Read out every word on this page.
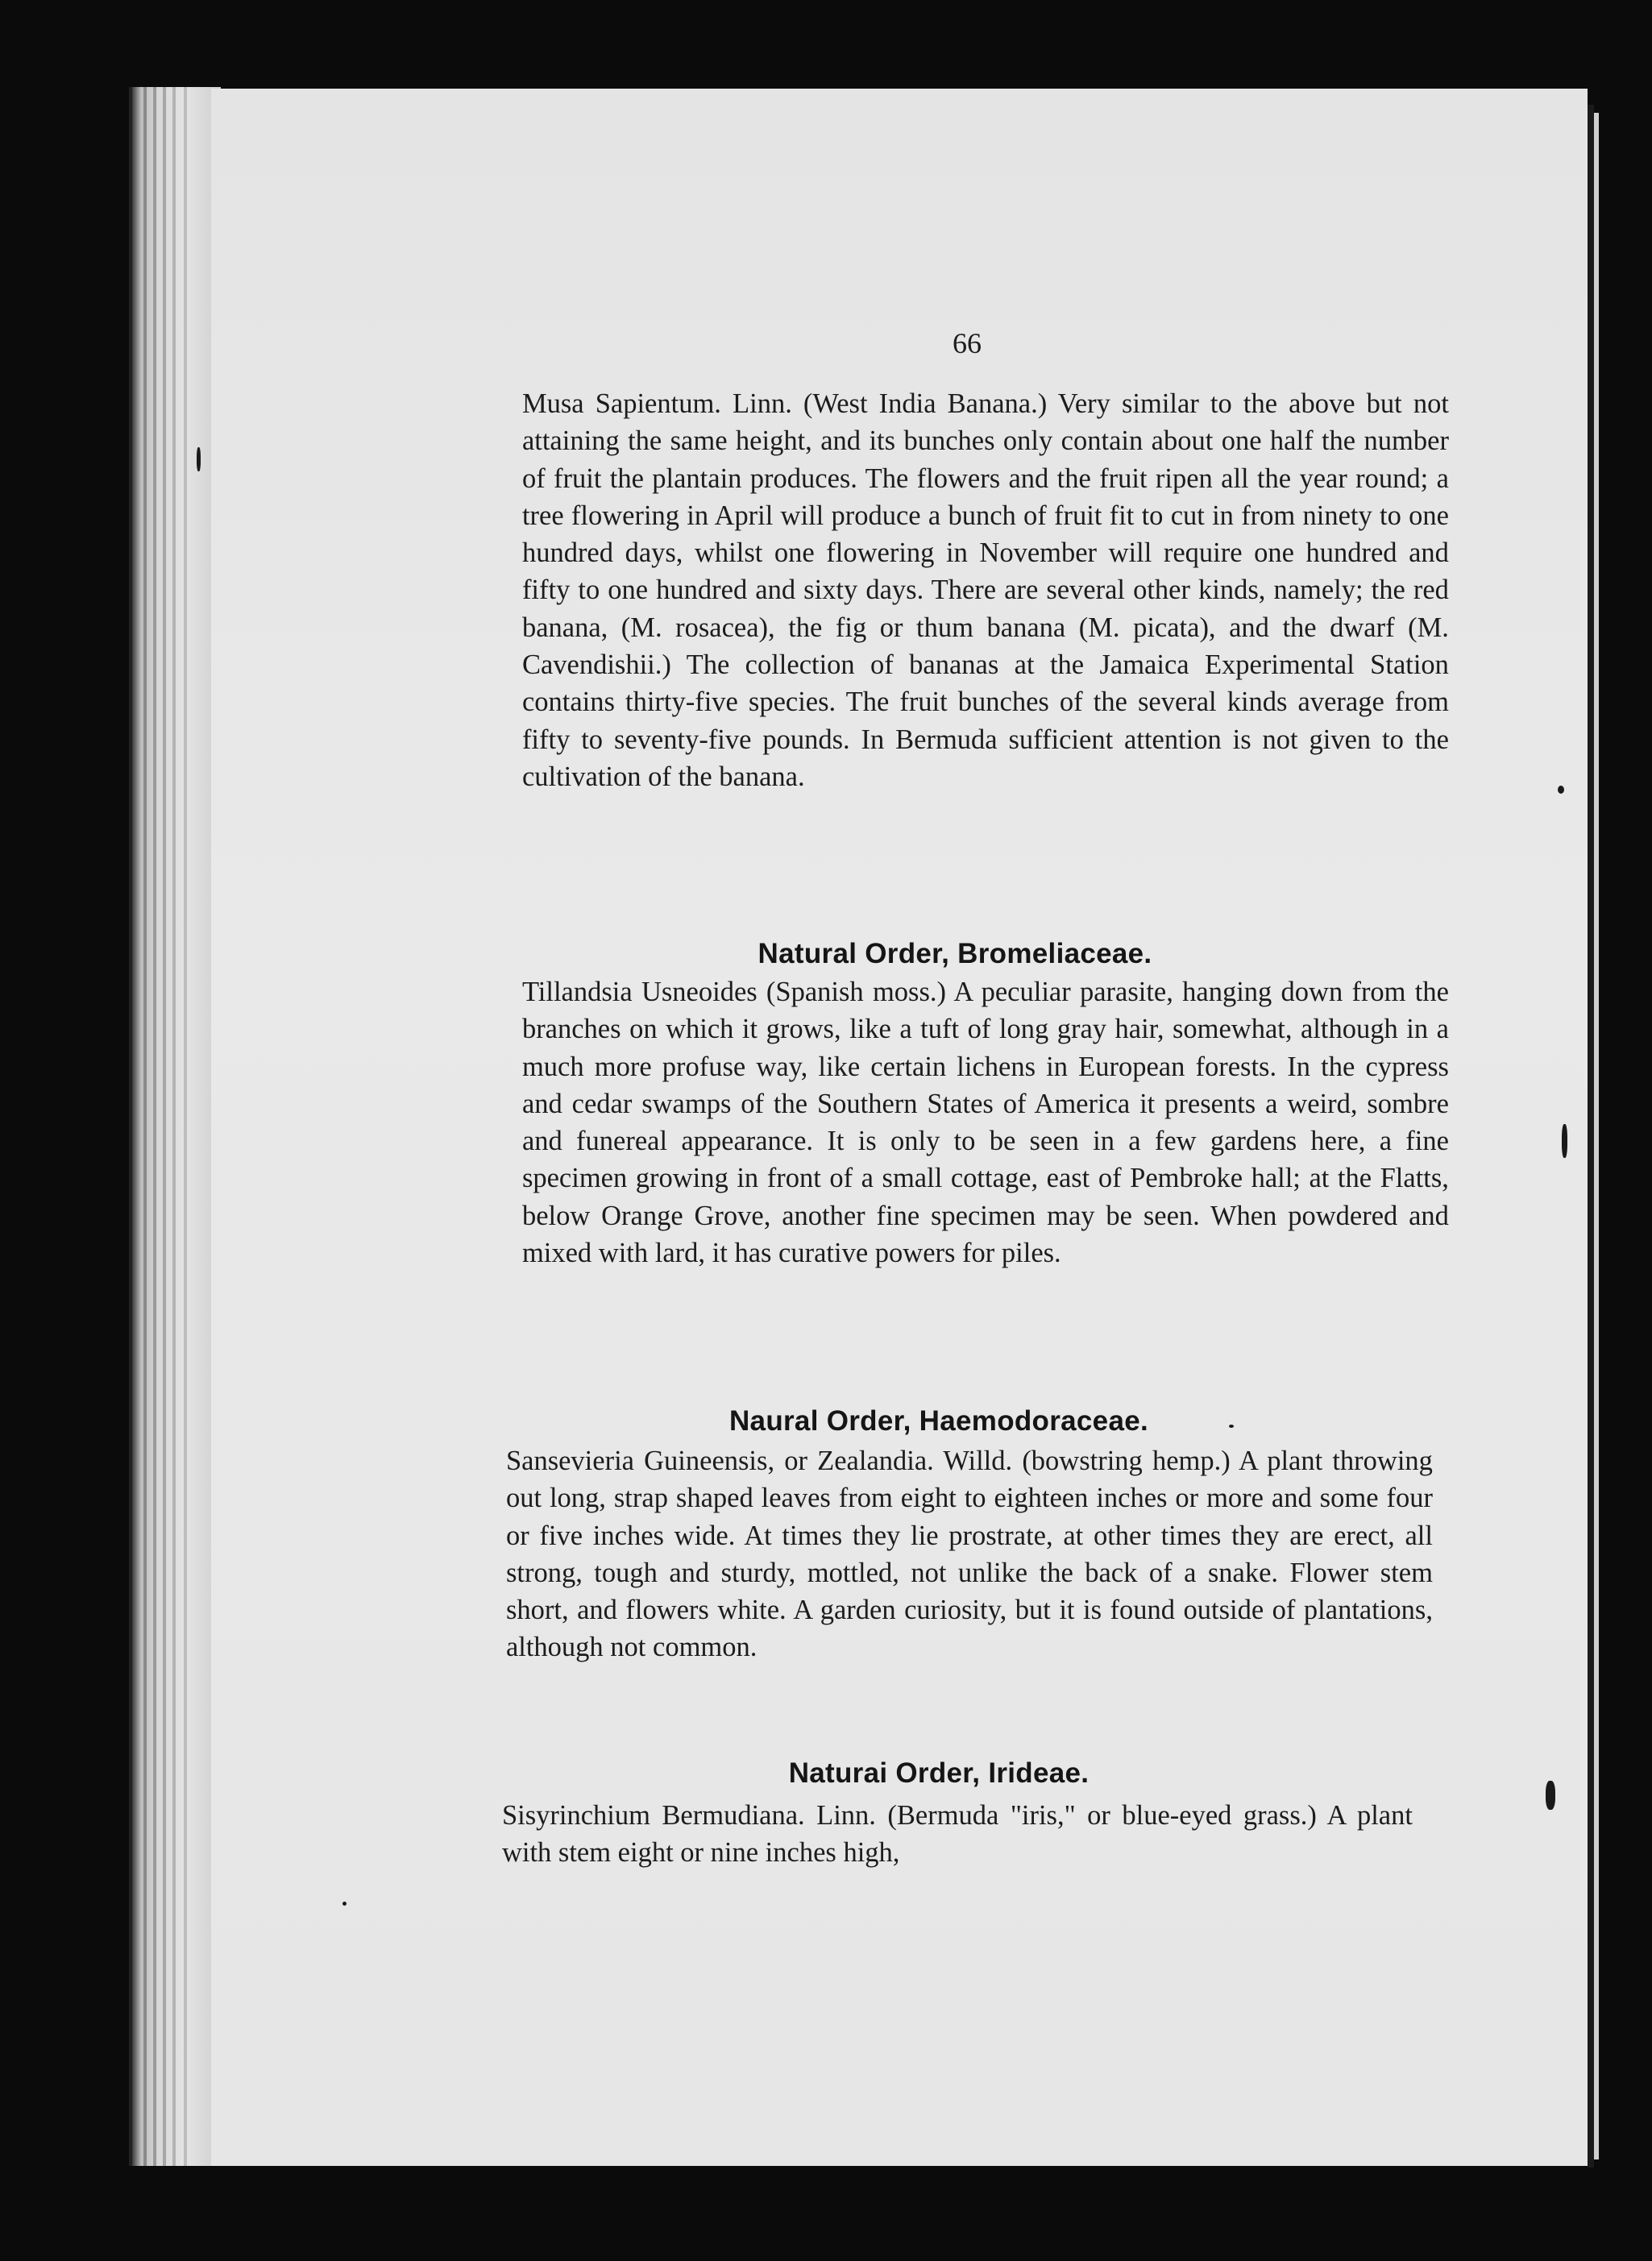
66
Musa Sapientum. Linn. (West India Banana.) Very similar to the above but not attaining the same height, and its bunches only contain about one half the number of fruit the plantain produces. The flowers and the fruit ripen all the year round; a tree flowering in April will produce a bunch of fruit fit to cut in from ninety to one hundred days, whilst one flowering in November will require one hundred and fifty to one hundred and sixty days. There are several other kinds, namely; the red banana, (M. rosacea), the fig or thum banana (M. picata), and the dwarf (M. Cavendishii.) The collection of bananas at the Jamaica Experimental Station contains thirty-five species. The fruit bunches of the several kinds average from fifty to seventy-five pounds. In Bermuda sufficient attention is not given to the cultivation of the banana.
Natural Order, Bromeliaceae.
Tillandsia Usneoides (Spanish moss.) A peculiar parasite, hanging down from the branches on which it grows, like a tuft of long gray hair, somewhat, although in a much more profuse way, like certain lichens in European forests. In the cypress and cedar swamps of the Southern States of America it presents a weird, sombre and funereal appearance. It is only to be seen in a few gardens here, a fine specimen growing in front of a small cottage, east of Pembroke hall; at the Flatts, below Orange Grove, another fine specimen may be seen. When powdered and mixed with lard, it has curative powers for piles.
Naural Order, Haemodoraceae.
Sansevieria Guineensis, or Zealandia. Willd. (bowstring hemp.) A plant throwing out long, strap shaped leaves from eight to eighteen inches or more and some four or five inches wide. At times they lie prostrate, at other times they are erect, all strong, tough and sturdy, mottled, not unlike the back of a snake. Flower stem short, and flowers white. A garden curiosity, but it is found outside of plantations, although not common.
Naturai Order, Irideae.
Sisyrinchium Bermudiana. Linn. (Bermuda "iris," or blue-eyed grass.) A plant with stem eight or nine inches high,
